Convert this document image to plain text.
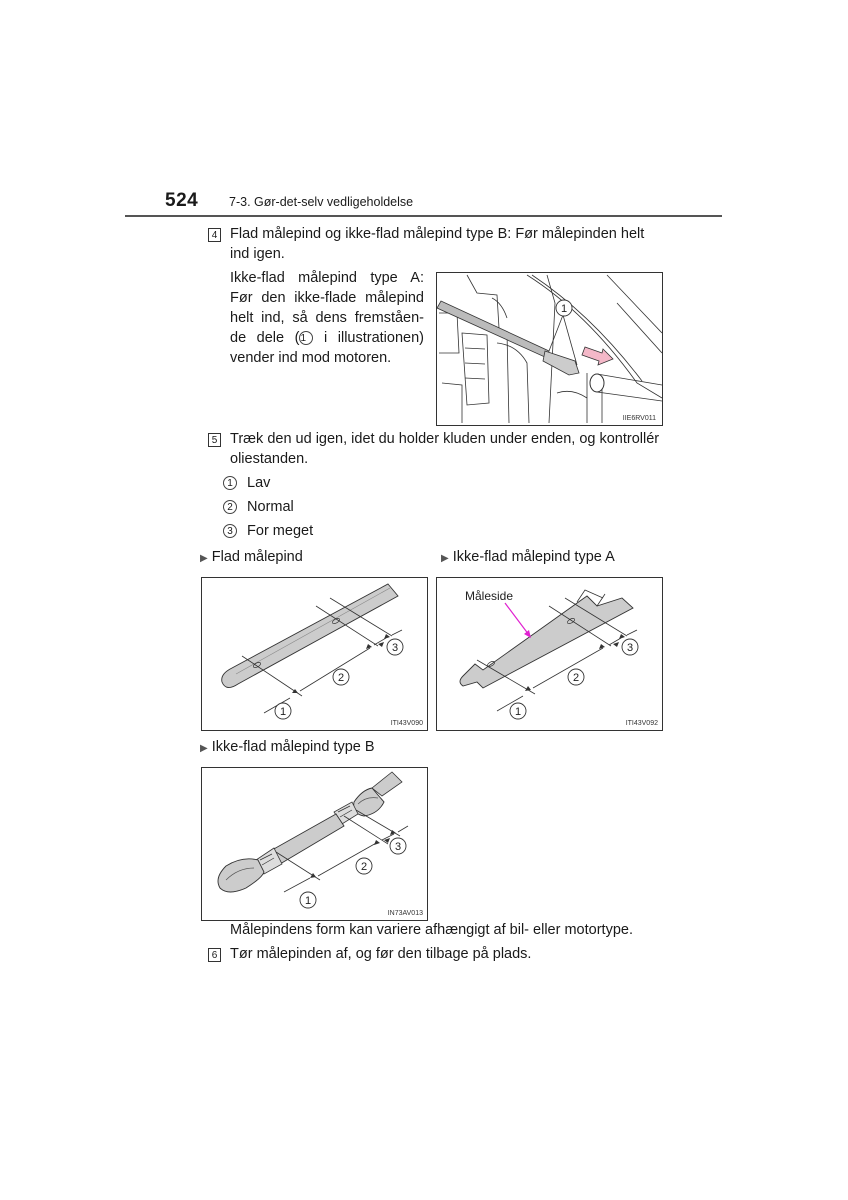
524 7-3. Gør-det-selv vedligeholdelse
4 Flad målepind og ikke-flad målepind type B: Før målepinden helt
ind igen.
Ikke-flad målepind type A:
Før den ikke-flade målepind
helt ind, så dens fremståen-
de dele (1 i illustrationen)
vender ind mod motoren.
1
IIE6RV011
5 Træk den ud igen, idet du holder kluden under enden, og kontrollér
oliestanden.
1 Lav
2 Normal
3 For meget
▶ Flad målepind	▶ Ikke-flad målepind type A
1
2
3
ITI43V090
Måleside
1
2
3
ITI43V092
▶ Ikke-flad målepind type B
1
2
3
IN73AV013
Målepindens form kan variere afhængigt af bil- eller motortype.
6 Tør målepinden af, og før den tilbage på plads.
